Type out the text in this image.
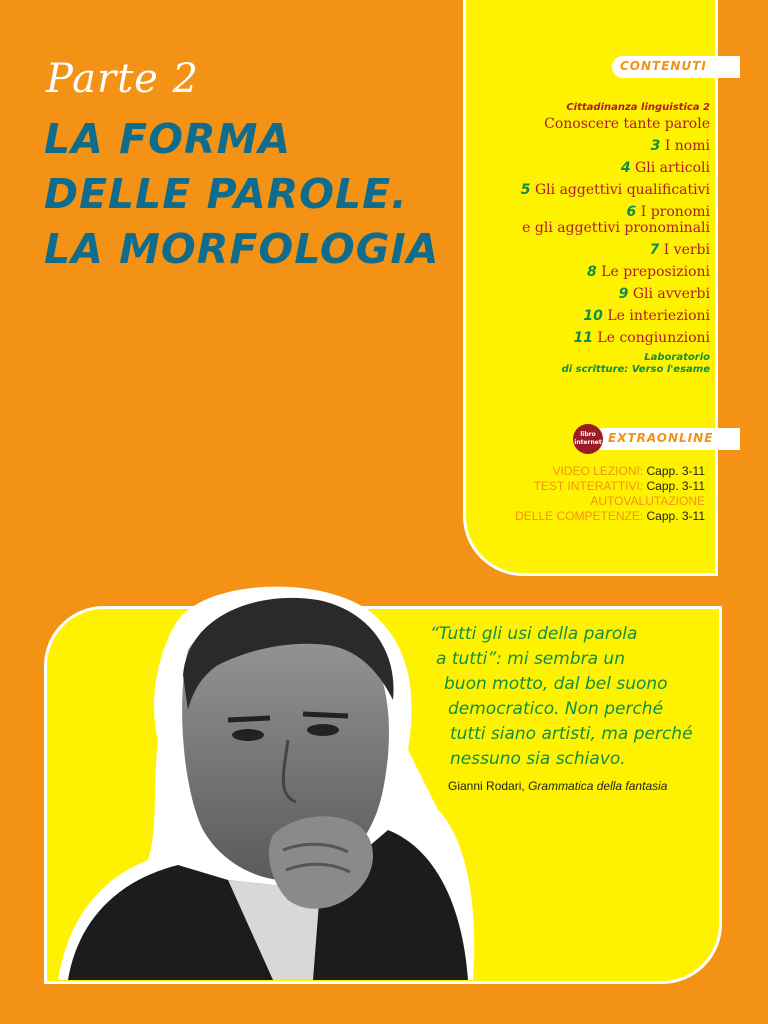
Parte 2
LA FORMA
DELLE PAROLE.
LA MORFOLOGIA
CONTENUTI
Cittadinanza linguistica 2
Conoscere tante parole
3 I nomi
4 Gli articoli
5 Gli aggettivi qualificativi
6 I pronomi
e gli aggettivi pronominali
7 I verbi
8 Le preposizioni
9 Gli avverbi
10 Le interiezioni
11 Le congiunzioni
Laboratorio
di scritture: Verso l'esame
libro
internet EXTRAONLINE
VIDEO LEZIONI: Capp. 3-11
TEST INTERATTIVI: Capp. 3-11
AUTOVALUTAZIONE
DELLE COMPETENZE: Capp. 3-11
“Tutti gli usi della parola
a tutti”: mi sembra un
buon motto, dal bel suono
democratico. Non perché
tutti siano artisti, ma perché
nessuno sia schiavo.
Gianni Rodari, Grammatica della fantasia
